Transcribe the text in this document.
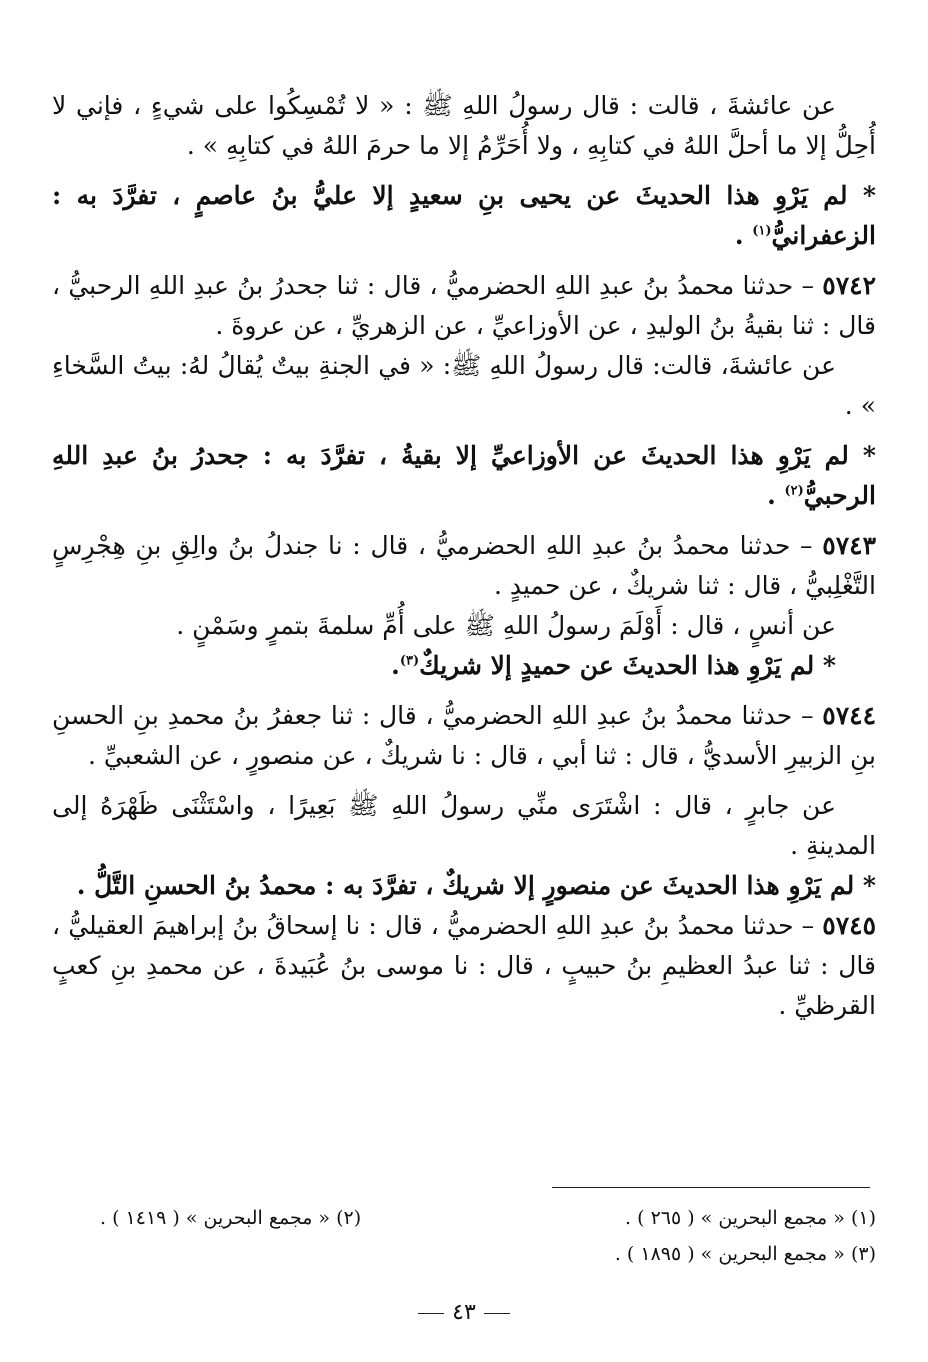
عن عائشةَ ، قالت : قال رسولُ اللهِ ﷺ : « لا تُمْسِكُوا على شيءٍ ، فإني لا أُحِلُّ إلا ما أحلَّ اللهُ في كتابِهِ ، ولا أُحَرِّمُ إلا ما حرمَ اللهُ في كتابِهِ » .

* لم يَرْوِ هذا الحديثَ عن يحيى بنِ سعيدٍ إلا عليُّ بنُ عاصمٍ ، تفرَّدَ به : الزعفرانيُّ$^{(١)}$ .

٥٧٤٢ – حدثنا محمدُ بنُ عبدِ اللهِ الحضرميُّ ، قال : ثنا جحدرُ بنُ عبدِ اللهِ الرحبيُّ ، قال : ثنا بقيةُ بنُ الوليدِ ، عن الأوزاعيِّ ، عن الزهريِّ ، عن عروةَ .

عن عائشةَ، قالت: قال رسولُ اللهِ ﷺ: « في الجنةِ بيتٌ يُقالُ لهُ: بيتُ السَّخاءِ » .

* لم يَرْوِ هذا الحديثَ عن الأوزاعيِّ إلا بقيةُ ، تفرَّدَ به : جحدرُ بنُ عبدِ اللهِ الرحبيُّ$^{(٢)}$ .

٥٧٤٣ – حدثنا محمدُ بنُ عبدِ اللهِ الحضرميُّ ، قال : نا جندلُ بنُ والِقِ بنِ هِجْرِسٍ التَّغْلِبيُّ ، قال : ثنا شريكٌ ، عن حميدٍ .

عن أنسٍ ، قال : أَوْلَمَ رسولُ اللهِ ﷺ على أُمِّ سلمةَ بتمرٍ وسَمْنٍ .

* لم يَرْوِ هذا الحديثَ عن حميدٍ إلا شريكٌ$^{(٣)}$.

٥٧٤٤ – حدثنا محمدُ بنُ عبدِ اللهِ الحضرميُّ ، قال : ثنا جعفرُ بنُ محمدِ بنِ الحسنِ بنِ الزبيرِ الأسديُّ ، قال : ثنا أبي ، قال : نا شريكٌ ، عن منصورٍ ، عن الشعبيِّ .

عن جابرٍ ، قال : اشْتَرَى منِّي رسولُ اللهِ ﷺ بَعِيرًا ، واسْتَثْنَى ظَهْرَهُ إلى المدينةِ .

* لم يَرْوِ هذا الحديثَ عن منصورٍ إلا شريكٌ ، تفرَّدَ به : محمدُ بنُ الحسنِ التَّلُّ .

٥٧٤٥ – حدثنا محمدُ بنُ عبدِ اللهِ الحضرميُّ ، قال : نا إسحاقُ بنُ إبراهيمَ العقيليُّ ، قال : ثنا عبدُ العظيمِ بنُ حبيبٍ ، قال : نا موسى بنُ عُبَيدةَ ، عن محمدِ بنِ كعبٍ القرظيِّ .

(١) « مجمع البحرين » ( ٢٦٥ ) .
(٢) « مجمع البحرين » ( ١٤١٩ ) .
(٣) « مجمع البحرين » ( ١٨٩٥ ) .
٤٣
